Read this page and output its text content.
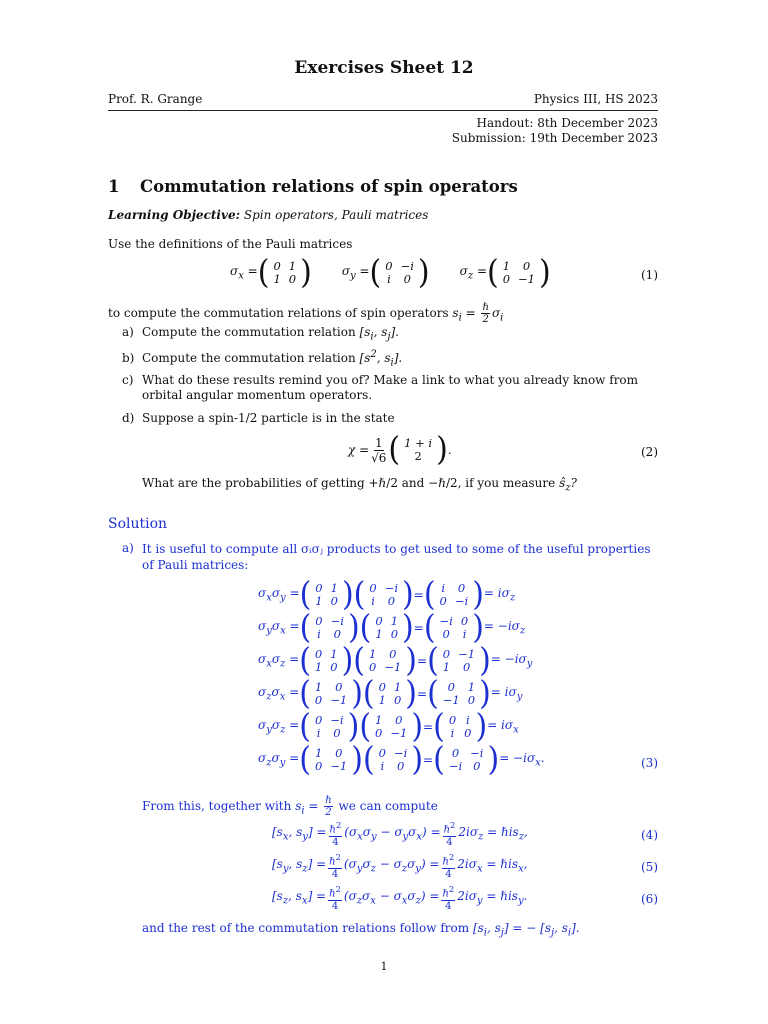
Exercises Sheet 12
Prof. R. Grange	Physics III, HS 2023
Handout: 8th December 2023
Submission: 19th December 2023
1 Commutation relations of spin operators
Learning Objective: Spin operators, Pauli matrices
Use the definitions of the Pauli matrices
$\sigma_x$ = ( 0	1
1	0 )	$\sigma_y$ = ( 0	−i
i	0 )	$\sigma_z$ = ( 1	0
0	−1 )	(1)
to compute the commutation relations of spin operators $s_i = \frac{\text{ℏ}}{2} \sigma_i$
a) Compute the commutation relation [$s_i$, $s_j$].
b) Compute the commutation relation [$s^2$, $s_i$].
c) What do these results remind you of? Make a link to what you already know from orbital angular momentum operators.
d) Suppose a spin-1/2 particle is in the state
$\chi = \frac{1}{√6}$ ( 1 + i
2 ) .	(2)
What are the probabilities of getting +ℏ/2 and −ℏ/2, if you measure $ŝ_z$?
Solution
a) It is useful to compute all σᵢσⱼ products to get used to some of the useful properties of Pauli matrices:
$\sigma_x\sigma_y$ = ( 0	1
1	0 ) ( 0	−i
i	0 ) = ( i	0
0	−i ) = $i\sigma_z$
$\sigma_y\sigma_x$ = ( 0	−i
i	0 ) ( 0	1
1	0 ) = ( −i	0
0	i ) = $-i\sigma_z$
$\sigma_x\sigma_z$ = ( 0	1
1	0 ) ( 1	0
0	−1 ) = ( 0	−1
1	0 ) = $-i\sigma_y$
$\sigma_z\sigma_x$ = ( 1	0
0	−1 ) ( 0	1
1	0 ) = ( 0	1
−1	0 ) = $i\sigma_y$
$\sigma_y\sigma_z$ = ( 0	−i
i	0 ) ( 1	0
0	−1 ) = ( 0	i
i	0 ) = $i\sigma_x$
$\sigma_z\sigma_y$ = ( 1	0
0	−1 ) ( 0	−i
i	0 ) = ( 0	−i
−i	0 ) = $-i\sigma_x$.	(3)
From this, together with $s_i = \frac{\text{ℏ}}{2}$ we can compute
[$s_x$, $s_y] = \frac{\hbar^2}{4} (\sigma_x\sigma_y - \sigma_y\sigma_x) = \frac{\hbar^2}{4} 2i\sigma_z$ = ℏis$_z$,
[$s_y$, $s_z] = \frac{\hbar^2}{4} (\sigma_y\sigma_z - \sigma_z\sigma_y) = \frac{\hbar^2}{4} 2i\sigma_x$ = ℏis$_x$,
[$s_z$, $s_x] = \frac{\hbar^2}{4} (\sigma_z\sigma_x - \sigma_x\sigma_z) = \frac{\hbar^2}{4} 2i\sigma_y$ = ℏis$_y$.
(4)
(5)
(6)
and the rest of the commutation relations follow from [$s_i$, $s_j$] = − [$s_j$, $s_i$].
1
